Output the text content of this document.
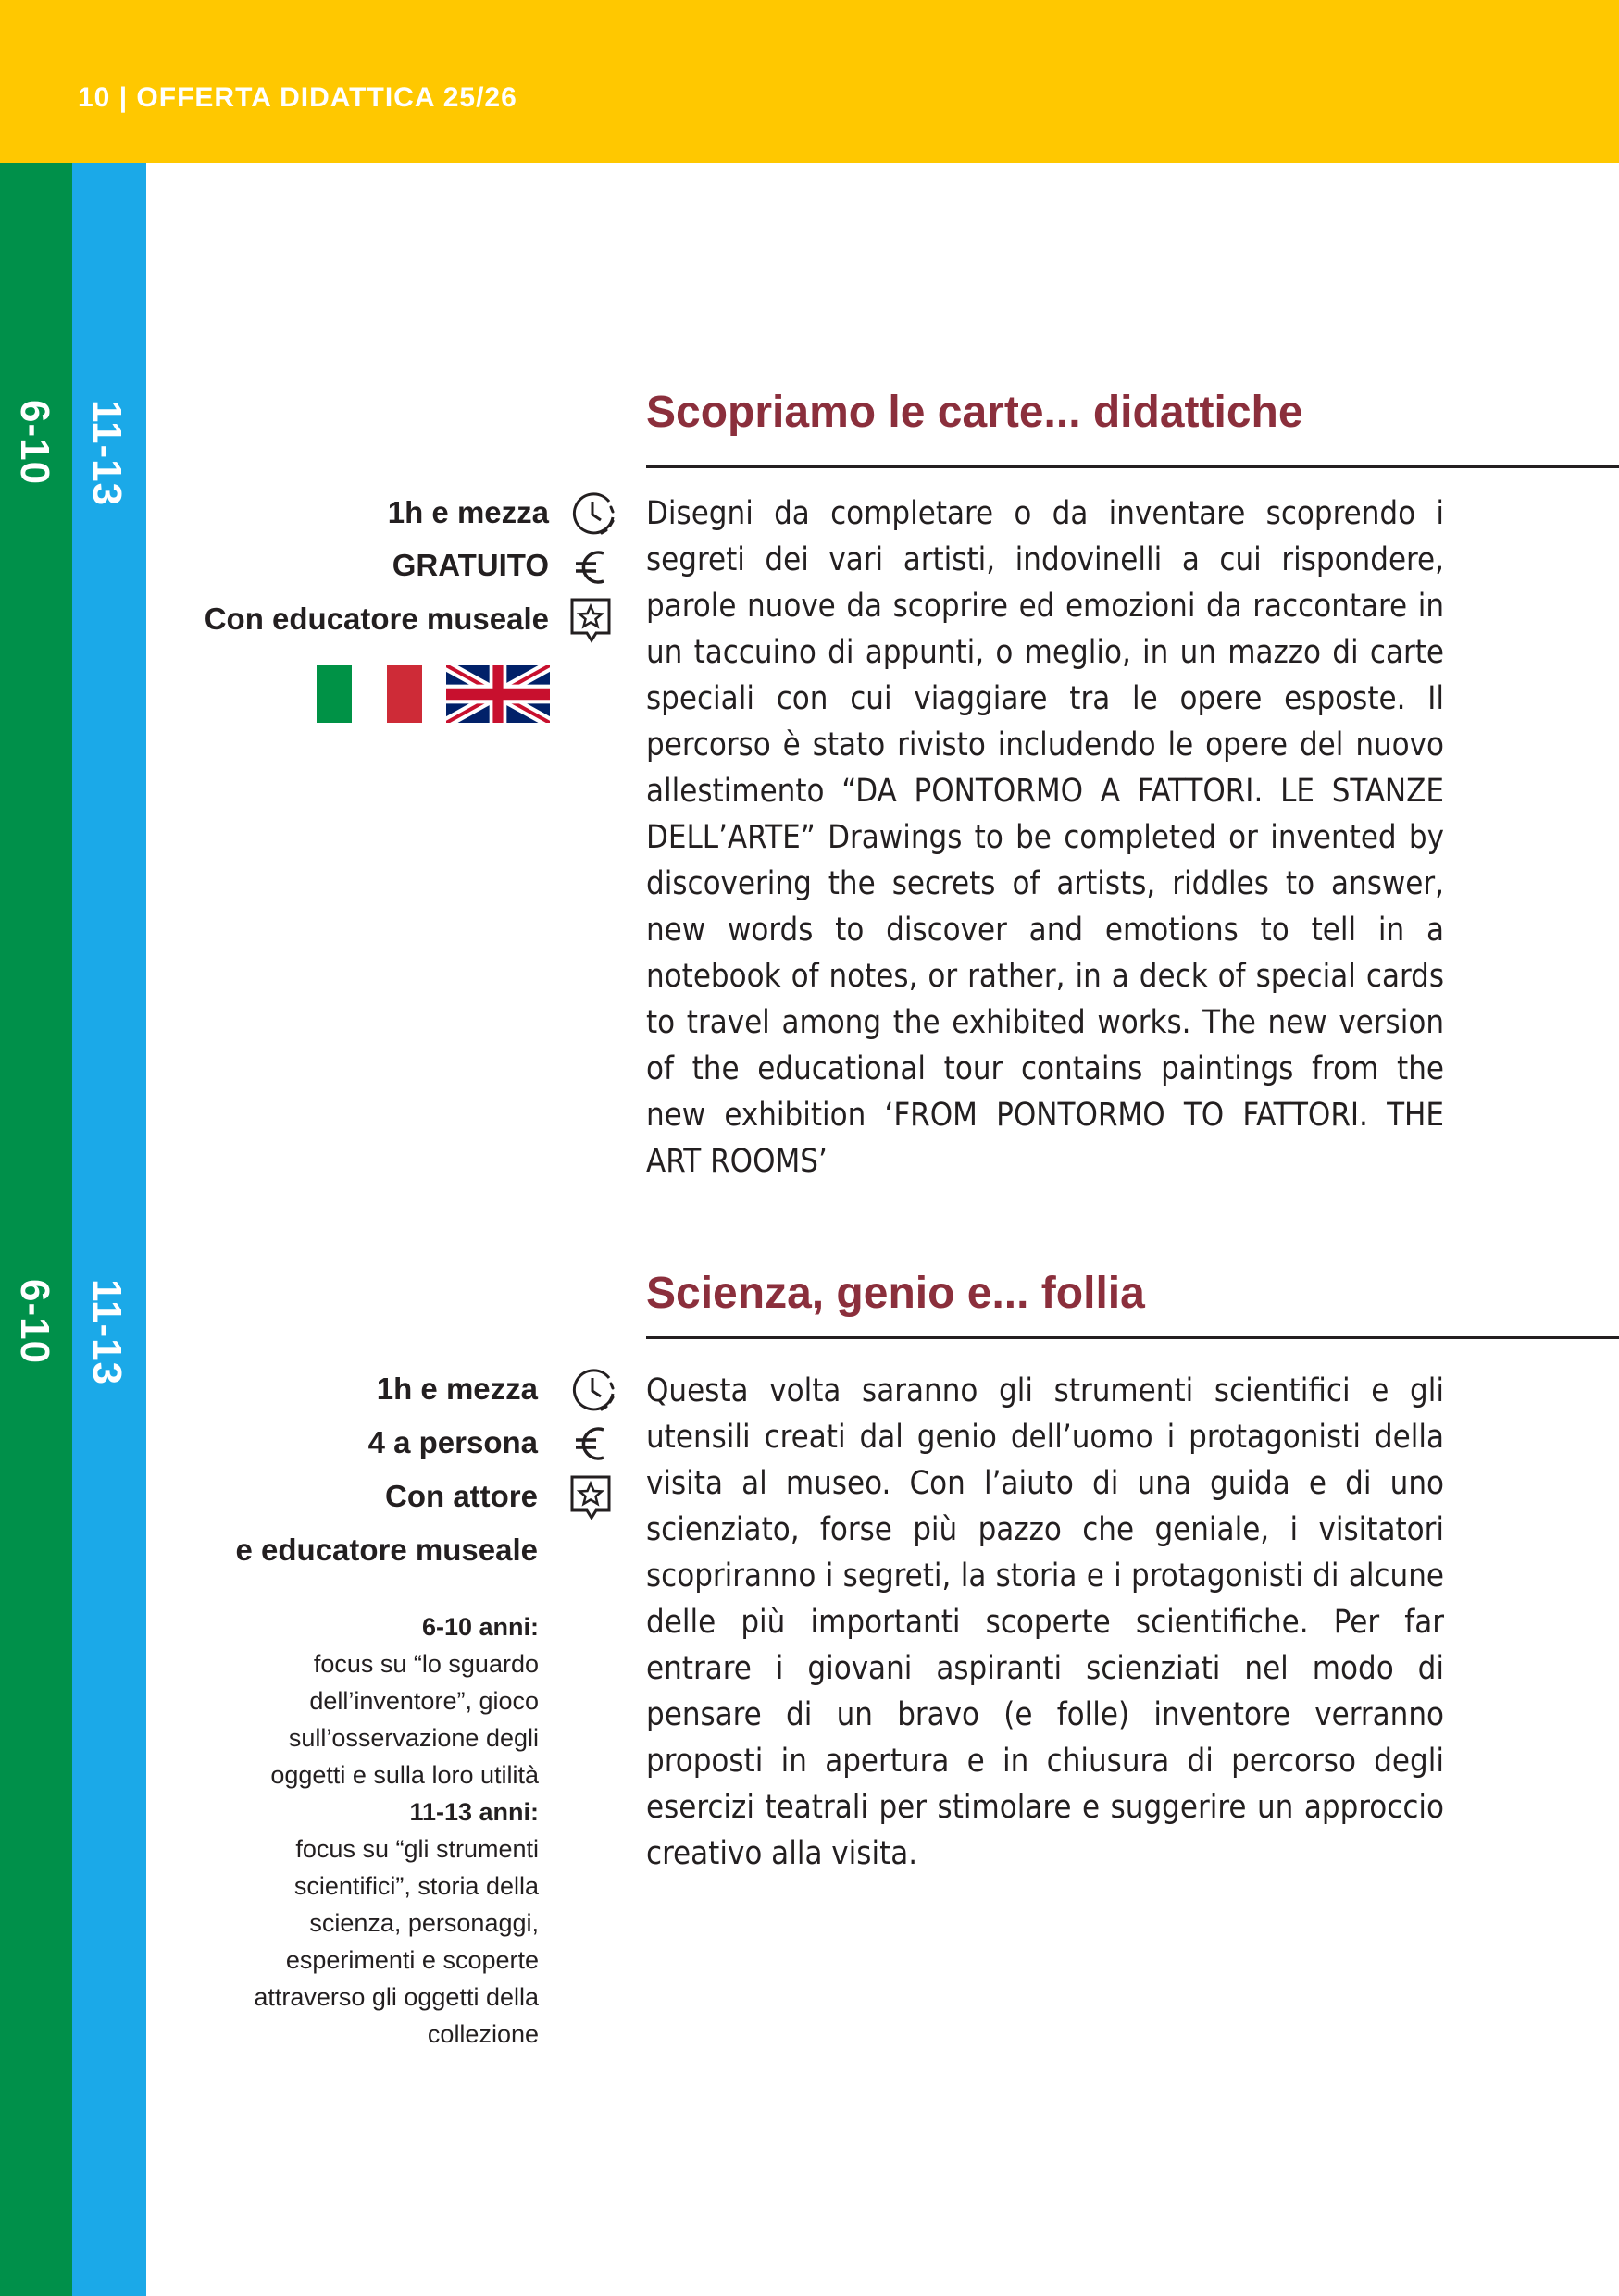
10 | OFFERTA DIDATTICA 25/26
6-10 11-13
6-10 11-13
Scopriamo le carte... didattiche
1h e mezza
GRATUITO
Con educatore museale
Disegni da completare o da inventare scoprendo i segreti dei vari artisti, indovinelli a cui rispondere, parole nuove da scoprire ed emozioni da raccontare in un taccuino di appunti, o meglio, in un mazzo di carte speciali con cui viaggiare tra le opere esposte. Il percorso è stato rivisto includendo le opere del nuovo allestimento “DA PONTORMO A FATTORI. LE STANZE DELL’ARTE” Drawings to be completed or invented by discovering the secrets of artists, riddles to answer, new words to discover and emotions to tell in a notebook of notes, or rather, in a deck of special cards to travel among the exhibited works. The new version of the educational tour contains paintings from the new exhibition ‘FROM PONTORMO TO FATTORI. THE ART ROOMS’
Scienza, genio e... follia
1h e mezza
4 a persona
Con attore
e educatore museale
6-10 anni:
focus su “lo sguardo dell’inventore”, gioco sull’osservazione degli oggetti e sulla loro utilità
11-13 anni:
focus su “gli strumenti scientifici”, storia della scienza, personaggi, esperimenti e scoperte attraverso gli oggetti della collezione
Questa volta saranno gli strumenti scientifici e gli utensili creati dal genio dell’uomo i protagonisti della visita al museo. Con l’aiuto di una guida e di uno scienziato, forse più pazzo che geniale, i visitatori scopriranno i segreti, la storia e i protagonisti di alcune delle più importanti scoperte scientifiche. Per far entrare i giovani aspiranti scienziati nel modo di pensare di un bravo (e folle) inventore verranno proposti in apertura e in chiusura di percorso degli esercizi teatrali per stimolare e suggerire un approccio creativo alla visita.
